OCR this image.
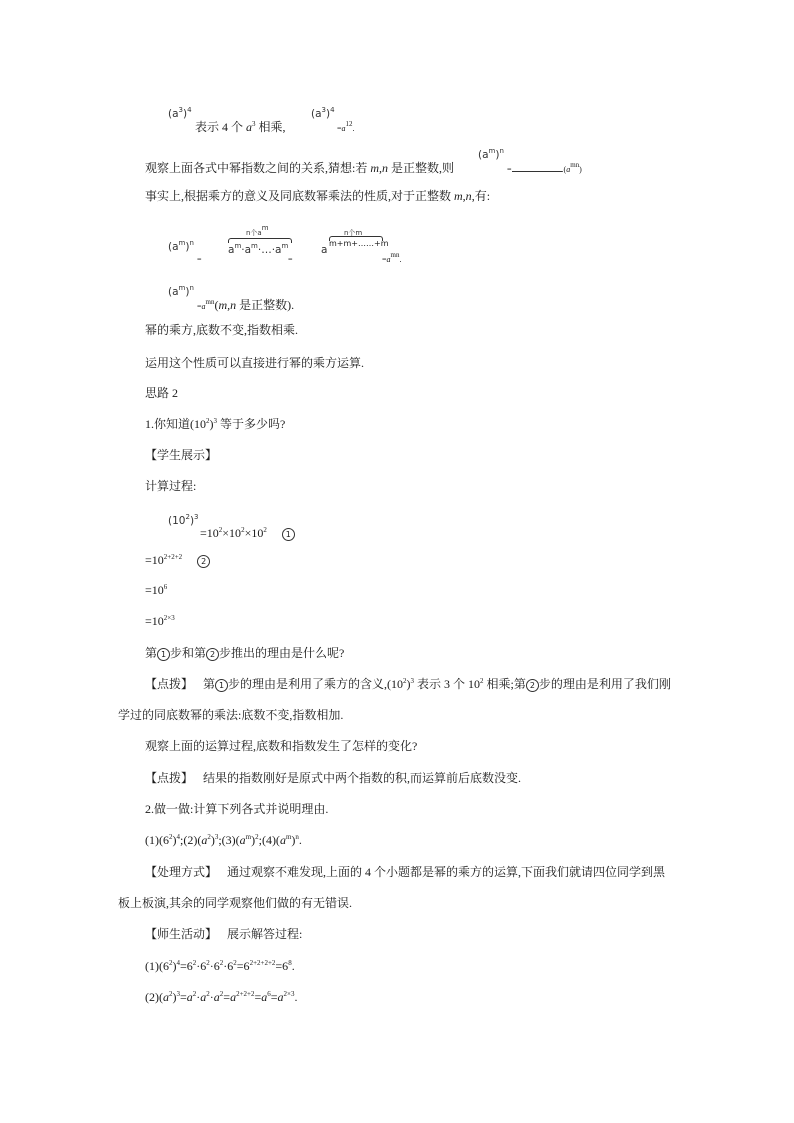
$(a^3)^4$
表示 4 个 $a^3$ 相乘,
$(a^3)^4$
$=a^{12}$.
观察上面各式中幂指数之间的关系,猜想:若 m,n 是正整数,则
$(a^m)^n$
=	$.(a^{mn})$
事实上,根据乘方的意义及同底数幂乘法的性质,对于正整数 m,n,有:
$(a^m)^n$
=
n个$a^m$
$a^m\cdot a^m\cdot\dots\cdot a^m$
=
a
n个m
m+m+……+m
$=a^{mn}$.
$(a^m)^n$
$=a^{mn}(m,n$ 是正整数).
幂的乘方,底数不变,指数相乘.
运用这个性质可以直接进行幂的乘方运算.
思路 2
1.你知道$(10^2)^3$ 等于多少吗?
【学生展示】
计算过程:
$(10^2)^3$
$=10^2\times 10^2\times 10^2$ 1
$=10^{2+2+2}$ 2
$=10^6$
$=10^{2\times 3}$
第 1 步和第 2 步推出的理由是什么呢?
【点拨】 第 1 步的理由是利用了乘方的含义$,(10^2)^3$ 表示 3 个 $10^2$ 相乘;第 2 步的理由是利用了我们刚
学过的同底数幂的乘法:底数不变,指数相加.
观察上面的运算过程,底数和指数发生了怎样的变化?
【点拨】 结果的指数刚好是原式中两个指数的积,而运算前后底数没变.
2.做一做:计算下列各式并说明理由.
$(1)(6^2)^4;(2)(a^2)^3;(3)(a^m)^2;(4)(a^m)^n$.
【处理方式】 通过观察不难发现,上面的 4 个小题都是幂的乘方的运算,下面我们就请四位同学到黑
板上板演,其余的同学观察他们做的有无错误.
【师生活动】 展示解答过程:
$(1)(6^2)^4=6^2\cdot 6^2\cdot 6^2\cdot 6^2=6^{2+2+2+2}=6^8$.
$(2)(a^2)^3=a^2\cdot a^2\cdot a^2=a^{2+2+2}=a^6=a^{2\times 3}$.
